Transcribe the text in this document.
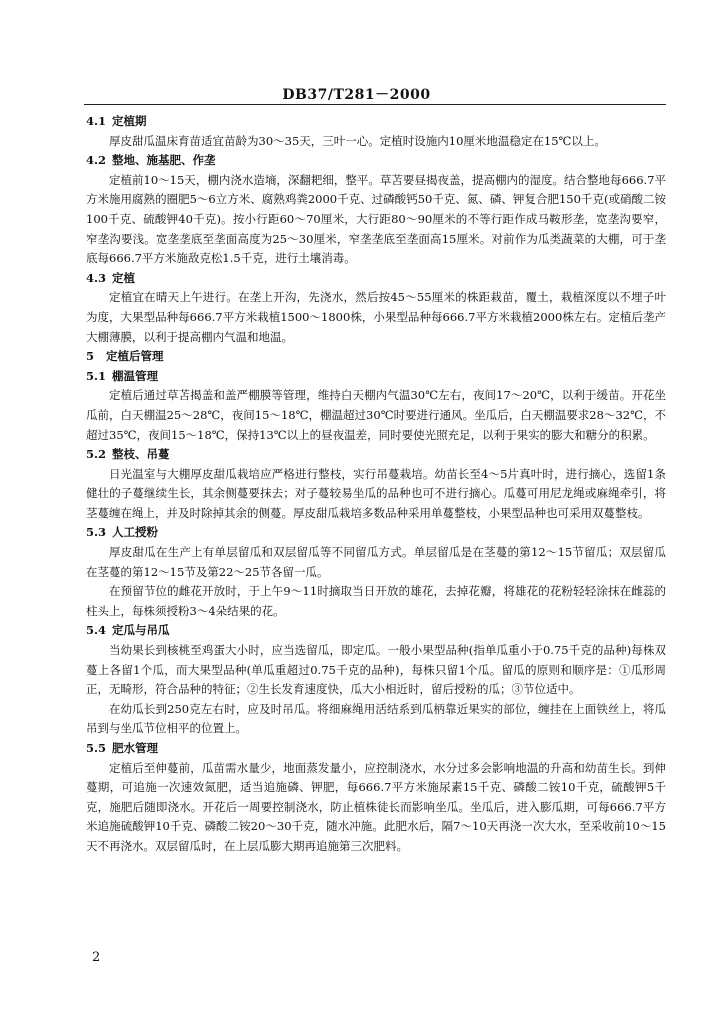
DB37/T281－2000
4.1 定植期

厚皮甜瓜温床育苗适宜苗龄为30～35天，三叶一心。定植时设施内10厘米地温稳定在15℃以上。

4.2 整地、施基肥、作垄

定植前10～15天，棚内浇水造墒，深翻耙细，整平。草苫要昼揭夜盖，提高棚内的湿度。结合整地每666.7平方米施用腐熟的圈肥5～6立方米、腐熟鸡粪2000千克、过磷酸钙50千克、氮、磷、钾复合肥150千克(或硝酸二铵100千克、硫酸钾40千克)。按小行距60～70厘米，大行距80～90厘米的不等行距作成马鞍形垄，宽垄沟要窄，窄垄沟要浅。宽垄垄底至垄面高度为25～30厘米，窄垄垄底至垄面高15厘米。对前作为瓜类蔬菜的大棚，可于垄底每666.7平方米施敌克松1.5千克，进行土壤消毒。

4.3 定植

定植宜在晴天上午进行。在垄上开沟，先浇水，然后按45～55厘米的株距栽苗，覆土，栽植深度以不埋子叶为度，大果型品种每666.7平方米栽植1500～1800株，小果型品种每666.7平方米栽植2000株左右。定植后垄产大棚薄膜，以利于提高棚内气温和地温。

5 定植后管理
5.1 棚温管理

定植后通过草苫揭盖和盖严棚膜等管理，维持白天棚内气温30℃左右，夜间17～20℃，以利于缓苗。开花坐瓜前，白天棚温25～28℃，夜间15～18℃，棚温超过30℃时要进行通风。坐瓜后，白天棚温要求28～32℃，不超过35℃，夜间15～18℃，保持13℃以上的昼夜温差，同时要使光照充足，以利于果实的膨大和糖分的积累。

5.2 整枝、吊蔓

日光温室与大棚厚皮甜瓜栽培应严格进行整枝，实行吊蔓栽培。幼苗长至4～5片真叶时，进行摘心，选留1条健壮的子蔓继续生长，其余侧蔓要抹去；对子蔓较易坐瓜的品种也可不进行摘心。瓜蔓可用尼龙绳或麻绳牵引，将茎蔓缠在绳上，并及时除掉其余的侧蔓。厚皮甜瓜栽培多数品种采用单蔓整枝，小果型品种也可采用双蔓整枝。

5.3 人工授粉

厚皮甜瓜在生产上有单层留瓜和双层留瓜等不同留瓜方式。单层留瓜是在茎蔓的第12～15节留瓜；双层留瓜在茎蔓的第12～15节及第22～25节各留一瓜。

在预留节位的雌花开放时，于上午9～11时摘取当日开放的雄花，去掉花瓣，将雄花的花粉轻轻涂抹在雌蕊的柱头上，每株须授粉3～4朵结果的花。

5.4 定瓜与吊瓜

当幼果长到核桃至鸡蛋大小时，应当选留瓜，即定瓜。一般小果型品种(指单瓜重小于0.75千克的品种)每株双蔓上各留1个瓜，而大果型品种(单瓜重超过0.75千克的品种)，每株只留1个瓜。留瓜的原则和顺序是：①瓜形周正，无畸形，符合品种的特征；②生长发育速度快，瓜大小相近时，留后授粉的瓜；③节位适中。

在幼瓜长到250克左右时，应及时吊瓜。将细麻绳用活结系到瓜柄靠近果实的部位，缠挂在上面铁丝上，将瓜吊到与坐瓜节位相平的位置上。

5.5 肥水管理

定植后至伸蔓前，瓜苗需水量少，地面蒸发量小，应控制浇水，水分过多会影响地温的升高和幼苗生长。到伸蔓期，可追施一次速效氮肥，适当追施磷、钾肥，每666.7平方米施尿素15千克、磷酸二铵10千克，硫酸钾5千克，施肥后随即浇水。开花后一周要控制浇水，防止植株徒长而影响坐瓜。坐瓜后，进入膨瓜期，可每666.7平方米追施硫酸钾10千克、磷酸二铵20～30千克，随水冲施。此肥水后，隔7～10天再浇一次大水，至采收前10～15天不再浇水。双层留瓜时，在上层瓜膨大期再追施第三次肥料。

2
